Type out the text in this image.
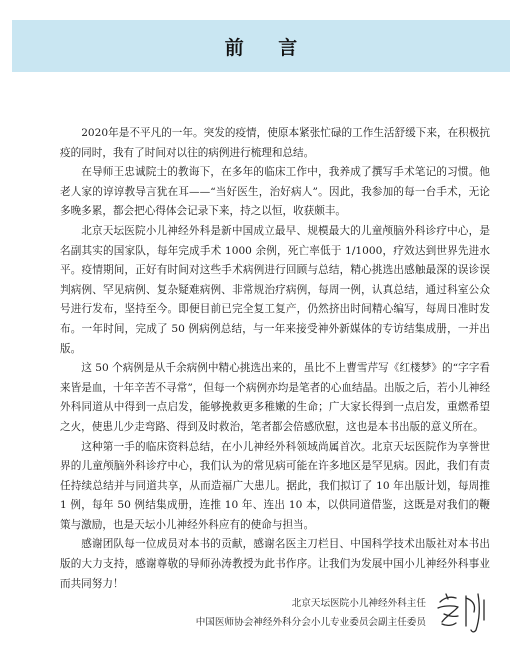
前 言

2020年是不平凡的一年。突发的疫情，使原本紧张忙碌的工作生活舒缓下来，在积极抗疫的同时，我有了时间对以往的病例进行梳理和总结。

在导师王忠诚院士的教诲下，在多年的临床工作中，我养成了撰写手术笔记的习惯。他老人家的谆谆教导言犹在耳——“当好医生，治好病人”。因此，我参加的每一台手术，无论多晚多累，都会把心得体会记录下来，持之以恒，收获颇丰。

北京天坛医院小儿神经外科是新中国成立最早、规模最大的儿童颅脑外科诊疗中心，是名副其实的国家队，每年完成手术 1000 余例，死亡率低于 1/1000，疗效达到世界先进水平。疫情期间，正好有时间对这些手术病例进行回顾与总结，精心挑选出感触最深的误诊误判病例、罕见病例、复杂疑难病例、非常规治疗病例，每周一例，认真总结，通过科室公众号进行发布，坚持至今。即便目前已完全复工复产，仍然挤出时间精心编写，每周日准时发布。一年时间，完成了 50 例病例总结，与一年来接受神外新媒体的专访结集成册，一并出版。

这 50 个病例是从千余病例中精心挑选出来的，虽比不上曹雪芹写《红楼梦》的“字字看来皆是血，十年辛苦不寻常”，但每一个病例亦均是笔者的心血结晶。出版之后，若小儿神经外科同道从中得到一点启发，能够挽救更多稚嫩的生命；广大家长得到一点启发，重燃希望之火，使患儿少走弯路、得到及时救治，笔者都会倍感欣慰，这也是本书出版的意义所在。

这种第一手的临床资料总结，在小儿神经外科领域尚属首次。北京天坛医院作为享誉世界的儿童颅脑外科诊疗中心，我们认为的常见病可能在许多地区是罕见病。因此，我们有责任持续总结并与同道共享，从而造福广大患儿。据此，我们拟订了 10 年出版计划，每周推 1 例，每年 50 例结集成册，连推 10 年、连出 10 本，以供同道借鉴，这既是对我们的鞭策与激励，也是天坛小儿神经外科应有的使命与担当。

感谢团队每一位成员对本书的贡献，感谢名医主刀栏目、中国科学技术出版社对本书出版的大力支持，感谢尊敬的导师孙涛教授为此书作序。让我们为发展中国小儿神经外科事业而共同努力！

北京天坛医院小儿神经外科主任
中国医师协会神经外科分会小儿专业委员会副主任委员
